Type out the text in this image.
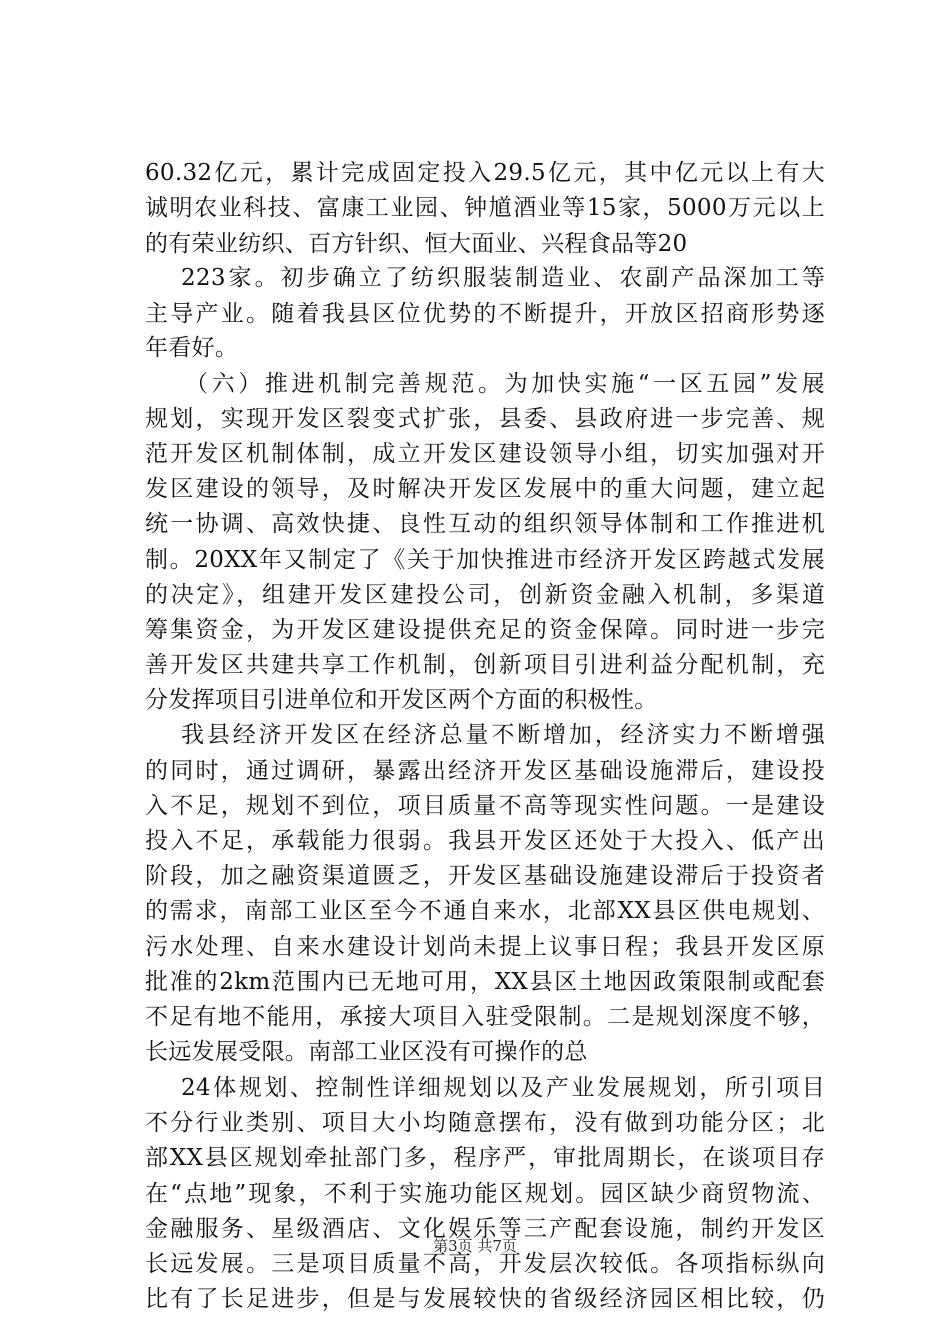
60.32亿元，累计完成固定投入29.5亿元，其中亿元以上有大
诚明农业科技、富康工业园、钟馗酒业等15家，5000万元以上
的有荣业纺织、百方针织、恒大面业、兴程食品等20
223家。初步确立了纺织服装制造业、农副产品深加工等
主导产业。随着我县区位优势的不断提升，开放区招商形势逐
年看好。
（六）推进机制完善规范。为加快实施“一区五园”发展
规划，实现开发区裂变式扩张，县委、县政府进一步完善、规
范开发区机制体制，成立开发区建设领导小组，切实加强对开
发区建设的领导，及时解决开发区发展中的重大问题，建立起
统一协调、高效快捷、良性互动的组织领导体制和工作推进机
制。20XX年又制定了《关于加快推进市经济开发区跨越式发展
的决定》，组建开发区建投公司，创新资金融入机制，多渠道
筹集资金，为开发区建设提供充足的资金保障。同时进一步完
善开发区共建共享工作机制，创新项目引进利益分配机制，充
分发挥项目引进单位和开发区两个方面的积极性。
我县经济开发区在经济总量不断增加，经济实力不断增强
的同时，通过调研，暴露出经济开发区基础设施滞后，建设投
入不足，规划不到位，项目质量不高等现实性问题。一是建设
投入不足，承载能力很弱。我县开发区还处于大投入、低产出
阶段，加之融资渠道匮乏，开发区基础设施建设滞后于投资者
的需求，南部工业区至今不通自来水，北部XX县区供电规划、
污水处理、自来水建设计划尚未提上议事日程；我县开发区原
批准的2km范围内已无地可用，XX县区土地因政策限制或配套
不足有地不能用，承接大项目入驻受限制。二是规划深度不够，
长远发展受限。南部工业区没有可操作的总
24体规划、控制性详细规划以及产业发展规划，所引项目
不分行业类别、项目大小均随意摆布，没有做到功能分区；北
部XX县区规划牵扯部门多，程序严，审批周期长，在谈项目存
在“点地”现象，不利于实施功能区规划。园区缺少商贸物流、
金融服务、星级酒店、文化娱乐等三产配套设施，制约开发区
长远发展。三是项目质量不高，开发层次较低。各项指标纵向
比有了长足进步，但是与发展较快的省级经济园区相比较，仍
第3页 共7页
